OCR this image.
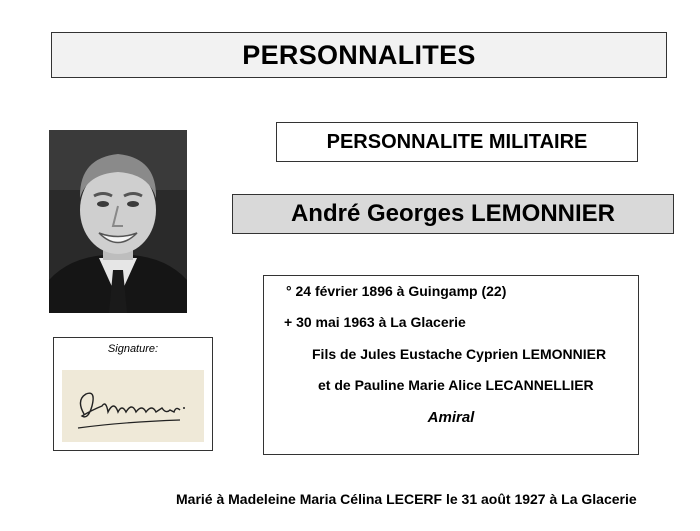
PERSONNALITES
PERSONNALITE MILITAIRE
André Georges LEMONNIER
Signature:
° 24 février 1896 à Guingamp (22)
+ 30 mai 1963 à La Glacerie
Fils de Jules Eustache Cyprien LEMONNIER
et de Pauline Marie Alice LECANNELLIER
Amiral
Marié à Madeleine Maria Célina LECERF le 31 août 1927 à La Glacerie
